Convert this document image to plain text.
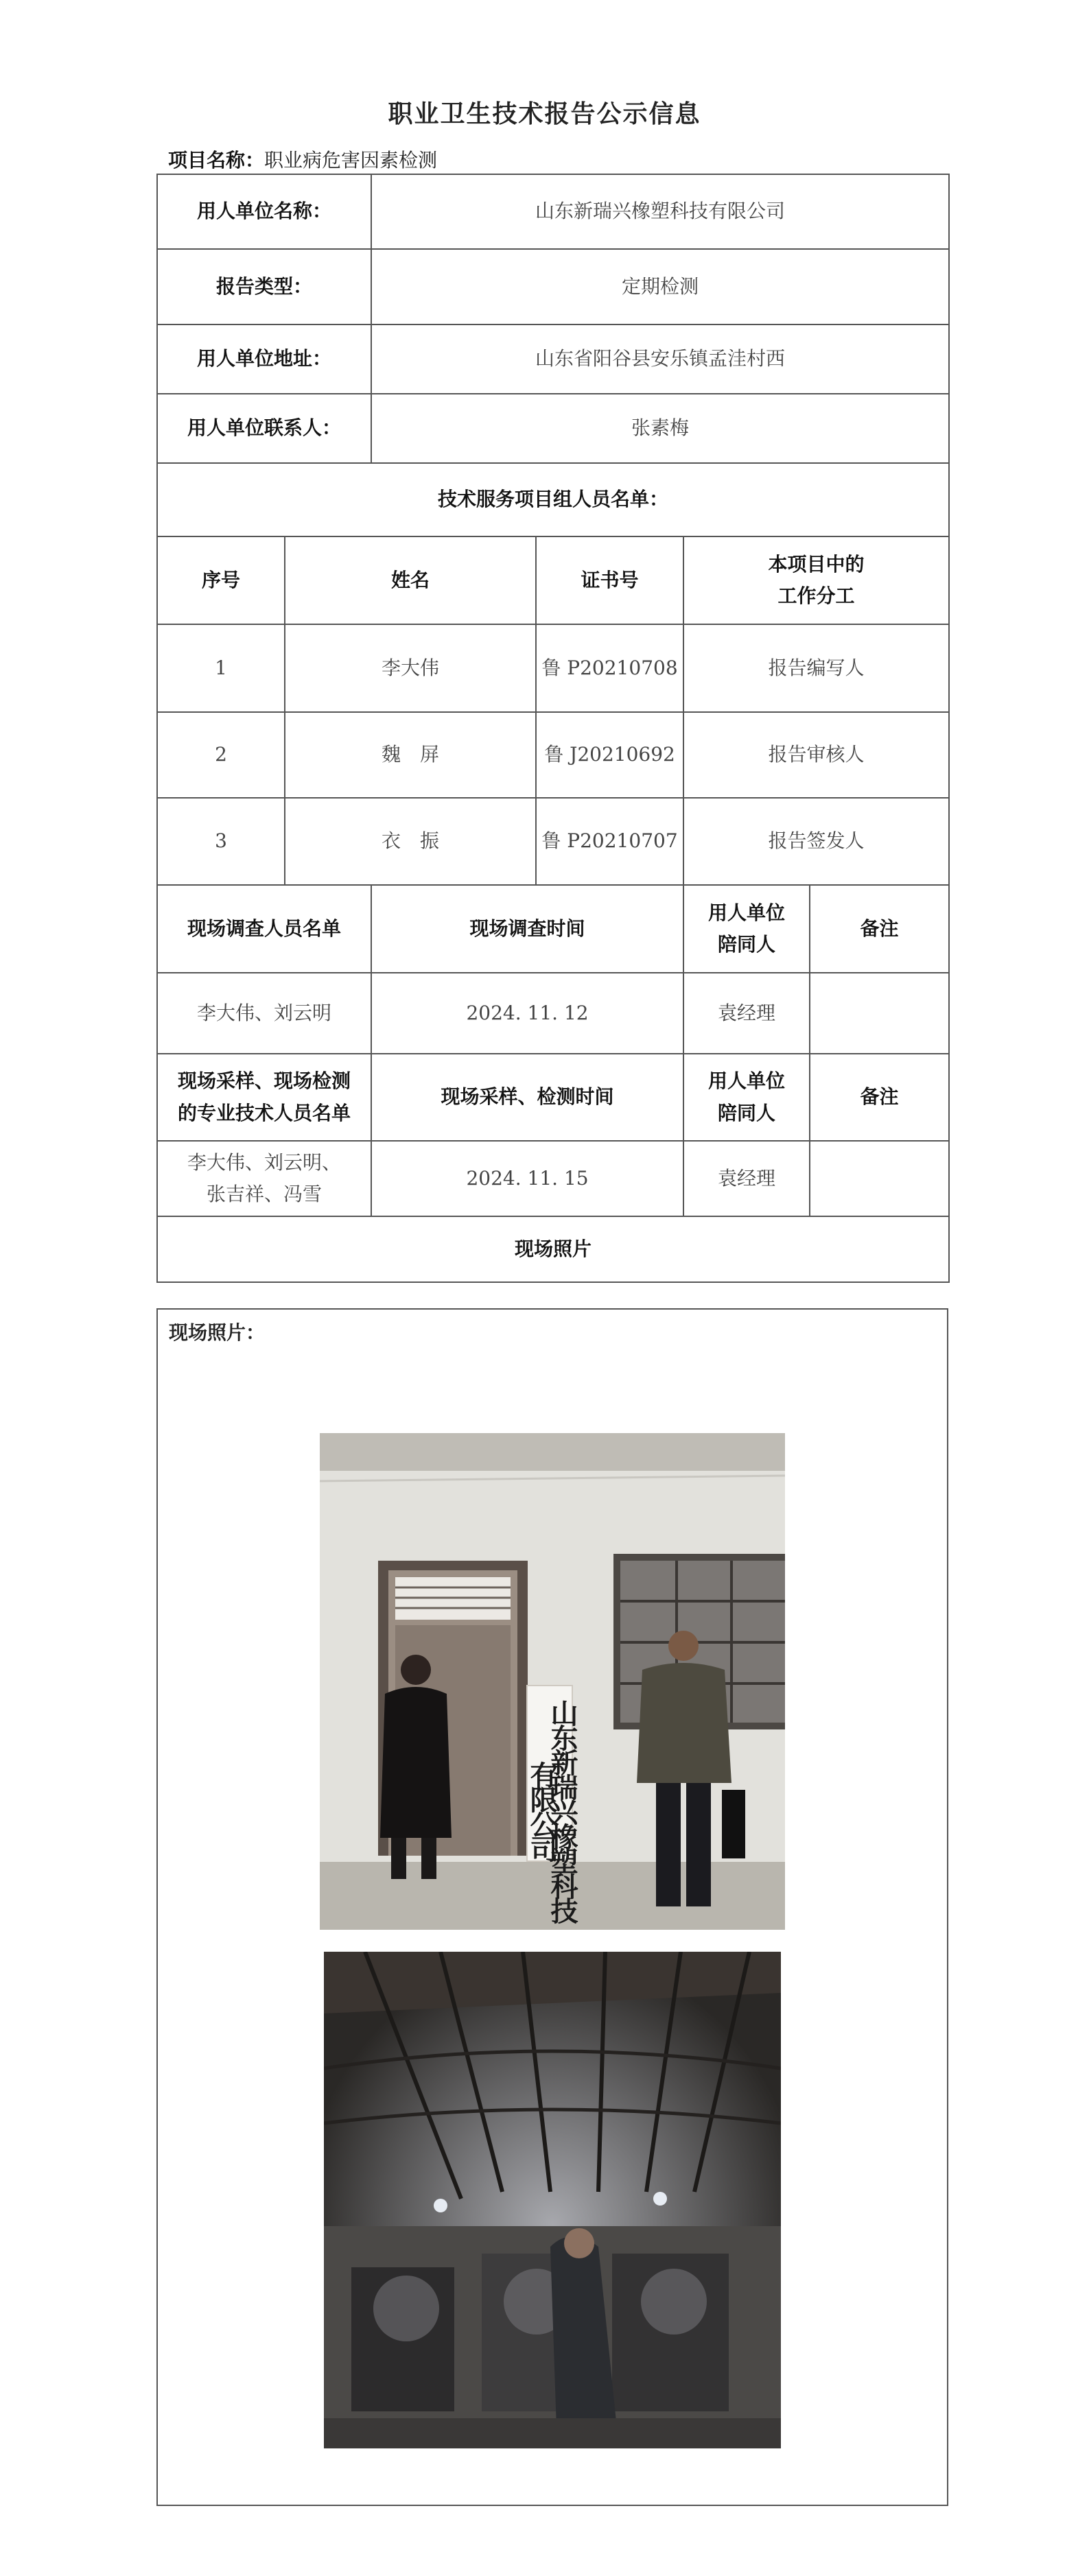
职业卫生技术报告公示信息
项目名称：职业病危害因素检测
用人单位名称：		山东新瑞兴橡塑科技有限公司			
报告类型：		定期检测			
用人单位地址：		山东省阳谷县安乐镇孟洼村西			
用人单位联系人：		张素梅			
技术服务项目组人员名单：					
序号	姓名		证书号	本项目中的
工作分工	
1	李大伟		鲁 P20210708	报告编写人	
2	魏　屏		鲁 J20210692	报告审核人	
3	衣　振		鲁 P20210707	报告签发人	
现场调查人员名单		现场调查时间		用人单位
陪同人	备注
李大伟、刘云明		2024. 11. 12		袁经理	
现场采样、现场检测
的专业技术人员名单		现场采样、检测时间		用人单位
陪同人	备注
李大伟、刘云明、
张吉祥、冯雪		2024. 11. 15		袁经理	
现场照片					
现场照片：
山东新瑞兴橡塑科技有限公司
